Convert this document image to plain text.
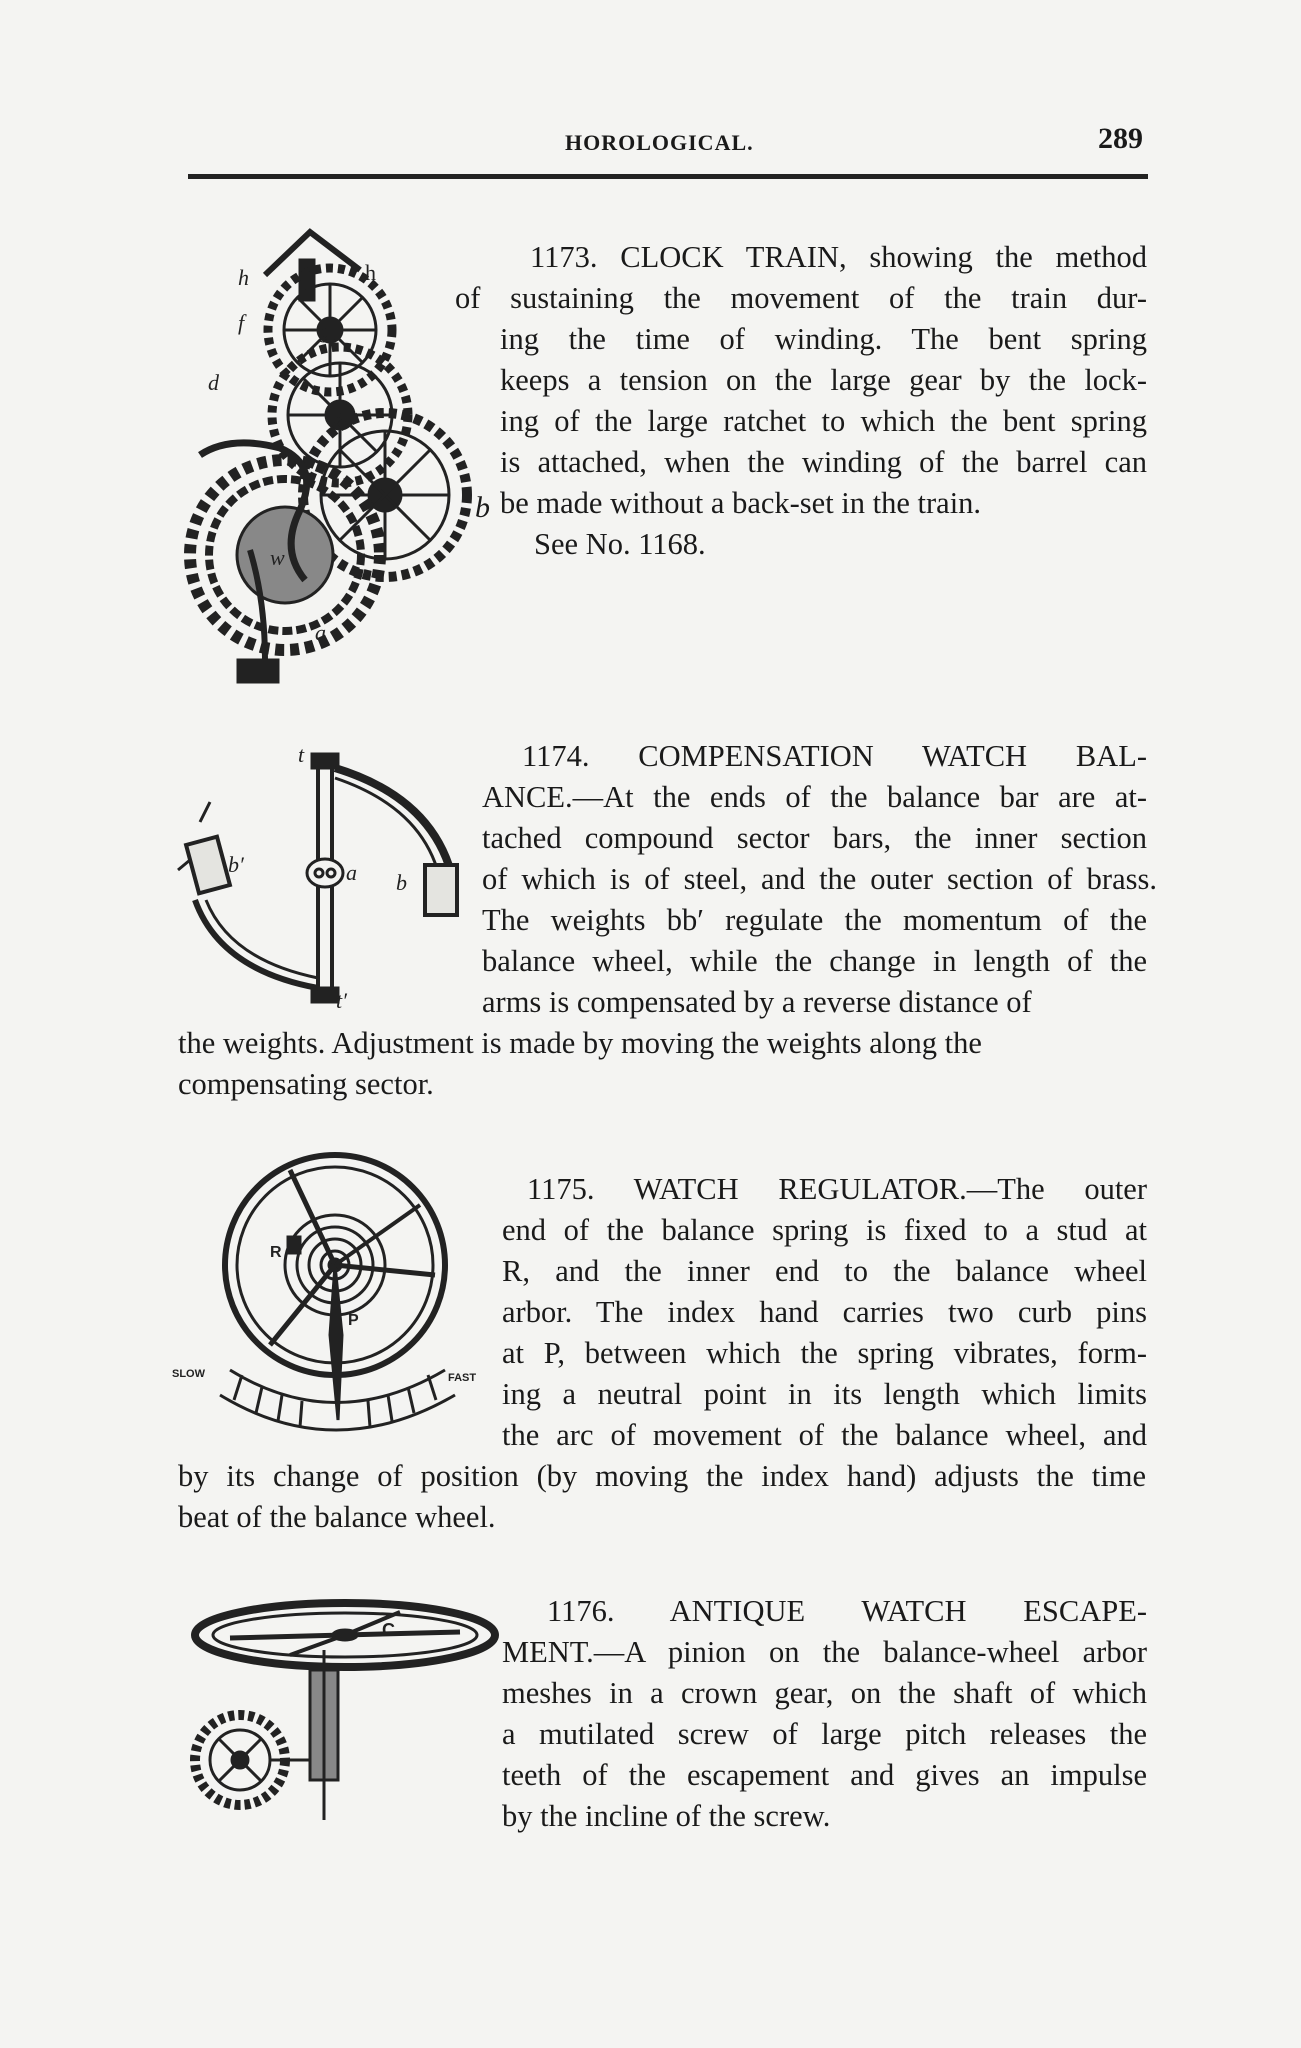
HOROLOGICAL.	289
h	h
f	g
d
e
w
a
b
1173. CLOCK TRAIN, showing the method
of sustaining the movement of the train dur-
ing the time of winding. The bent spring
keeps a tension on the large gear by the lock-
ing of the large ratchet to which the bent spring
is attached, when the winding of the barrel can
be made without a back-set in the train.
See No. 1168.
t
b′	a b
t′
1174. COMPENSATION WATCH BAL-
ANCE.—At the ends of the balance bar are at-
tached compound sector bars, the inner section
of which is of steel, and the outer section of brass.
The weights bb′ regulate the momentum of the
balance wheel, while the change in length of the
arms is compensated by a reverse distance of
the weights. Adjustment is made by moving the weights along the
compensating sector.
R
P
SLOW	FAST
1175. WATCH REGULATOR.—The outer
end of the balance spring is fixed to a stud at
R, and the inner end to the balance wheel
arbor. The index hand carries two curb pins
at P, between which the spring vibrates, form-
ing a neutral point in its length which limits
the arc of movement of the balance wheel, and
by its change of position (by moving the index hand) adjusts the time
beat of the balance wheel.
C
1176. ANTIQUE WATCH ESCAPE-
MENT.—A pinion on the balance-wheel arbor
meshes in a crown gear, on the shaft of which
a mutilated screw of large pitch releases the
teeth of the escapement and gives an impulse
by the incline of the screw.
